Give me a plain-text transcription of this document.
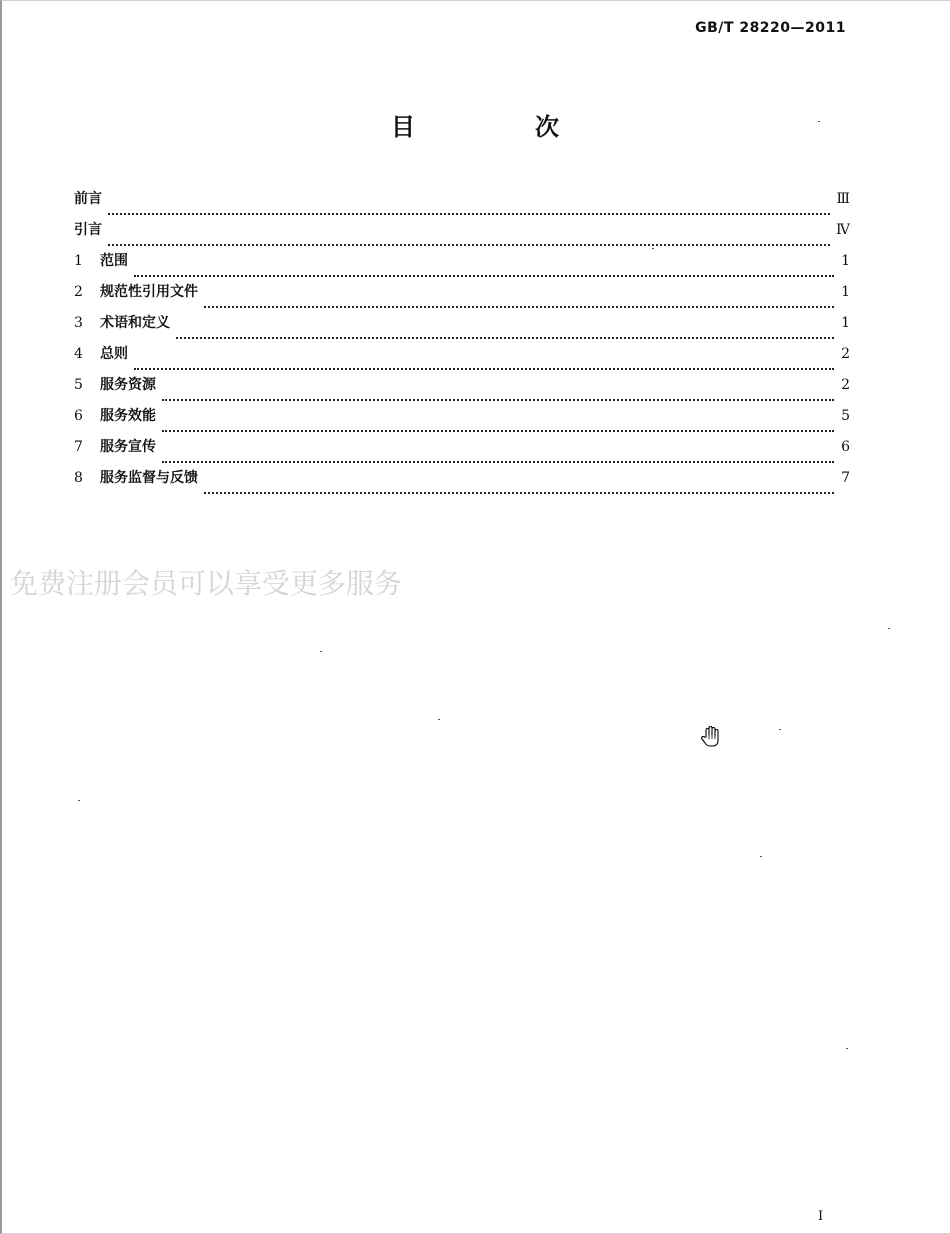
GB/T 28220—2011
目　次
前言	Ⅲ
引言	Ⅳ
1	范围	1
2	规范性引用文件	1
3	术语和定义	1
4	总则	2
5	服务资源	2
6	服务效能	5
7	服务宣传	6
8	服务监督与反馈	7
免费注册会员可以享受更多服务
I
